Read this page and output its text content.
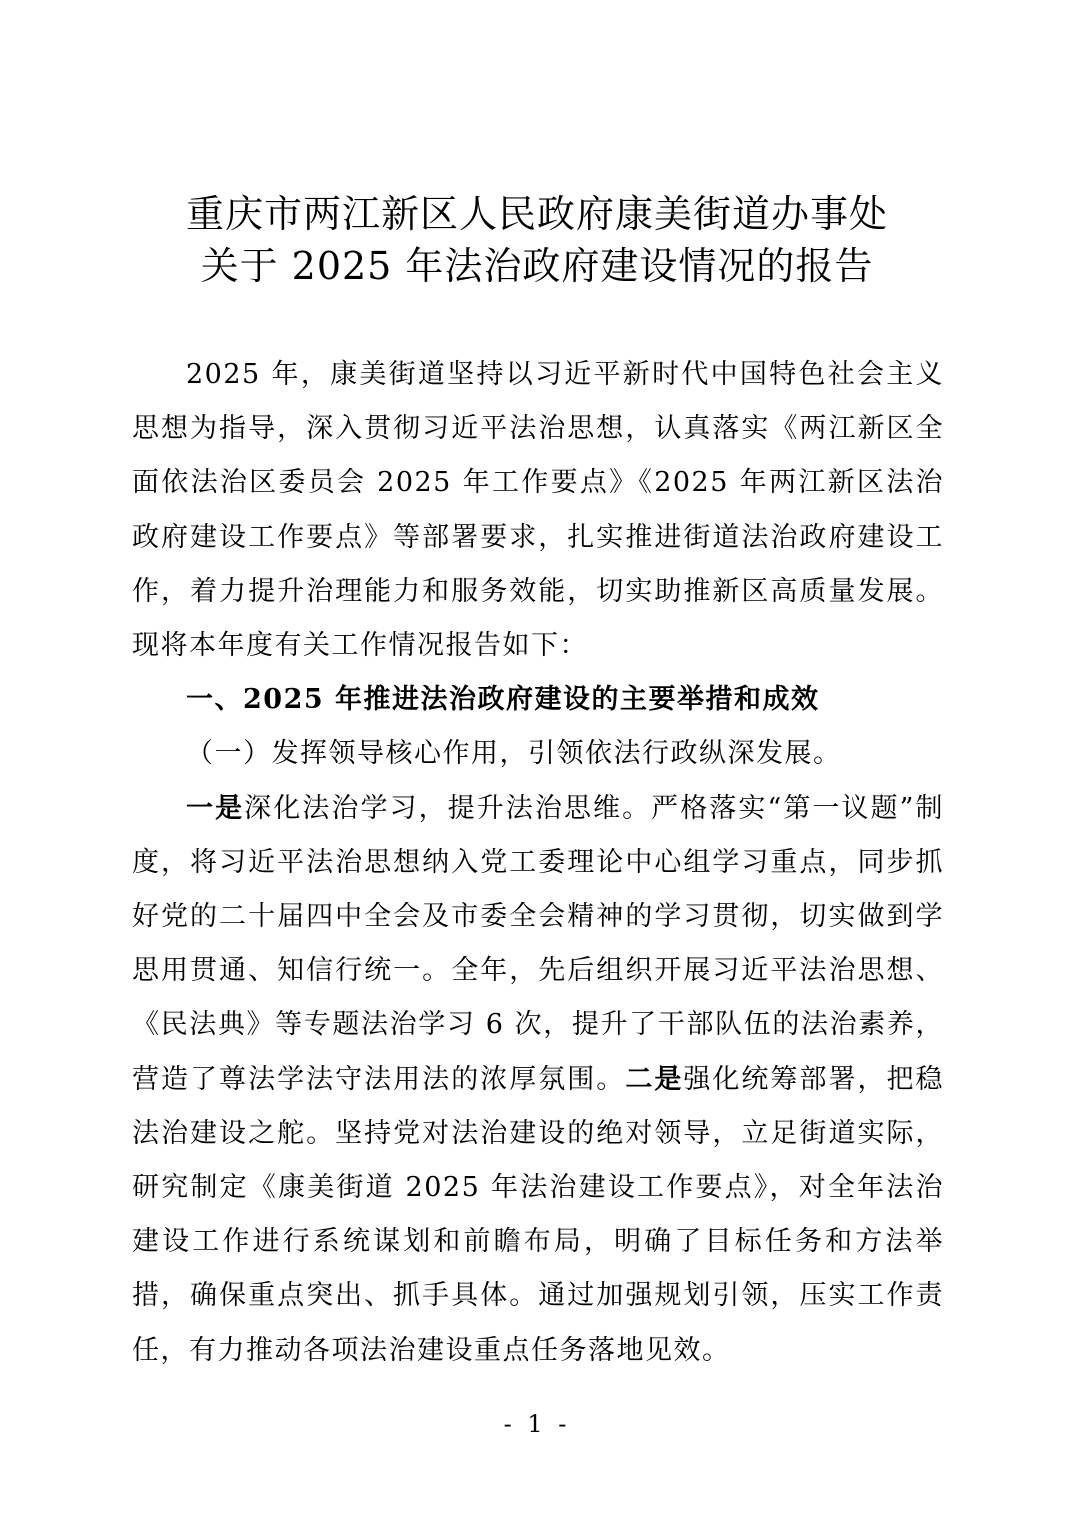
重庆市两江新区人民政府康美街道办事处
关于 2025 年法治政府建设情况的报告

2025 年，康美街道坚持以习近平新时代中国特色社会主义思想为指导，深入贯彻习近平法治思想，认真落实《两江新区全面依法治区委员会 2025 年工作要点》《2025 年两江新区法治政府建设工作要点》等部署要求，扎实推进街道法治政府建设工作，着力提升治理能力和服务效能，切实助推新区高质量发展。现将本年度有关工作情况报告如下：

一、2025 年推进法治政府建设的主要举措和成效

（一）发挥领导核心作用，引领依法行政纵深发展。

一是深化法治学习，提升法治思维。严格落实“第一议题”制度，将习近平法治思想纳入党工委理论中心组学习重点，同步抓好党的二十届四中全会及市委全会精神的学习贯彻，切实做到学思用贯通、知信行统一。全年，先后组织开展习近平法治思想、《民法典》等专题法治学习 6 次，提升了干部队伍的法治素养，营造了尊法学法守法用法的浓厚氛围。二是强化统筹部署，把稳法治建设之舵。坚持党对法治建设的绝对领导，立足街道实际，研究制定《康美街道 2025 年法治建设工作要点》，对全年法治建设工作进行系统谋划和前瞻布局，明确了目标任务和方法举措，确保重点突出、抓手具体。通过加强规划引领，压实工作责任，有力推动各项法治建设重点任务落地见效。

- 1 -
